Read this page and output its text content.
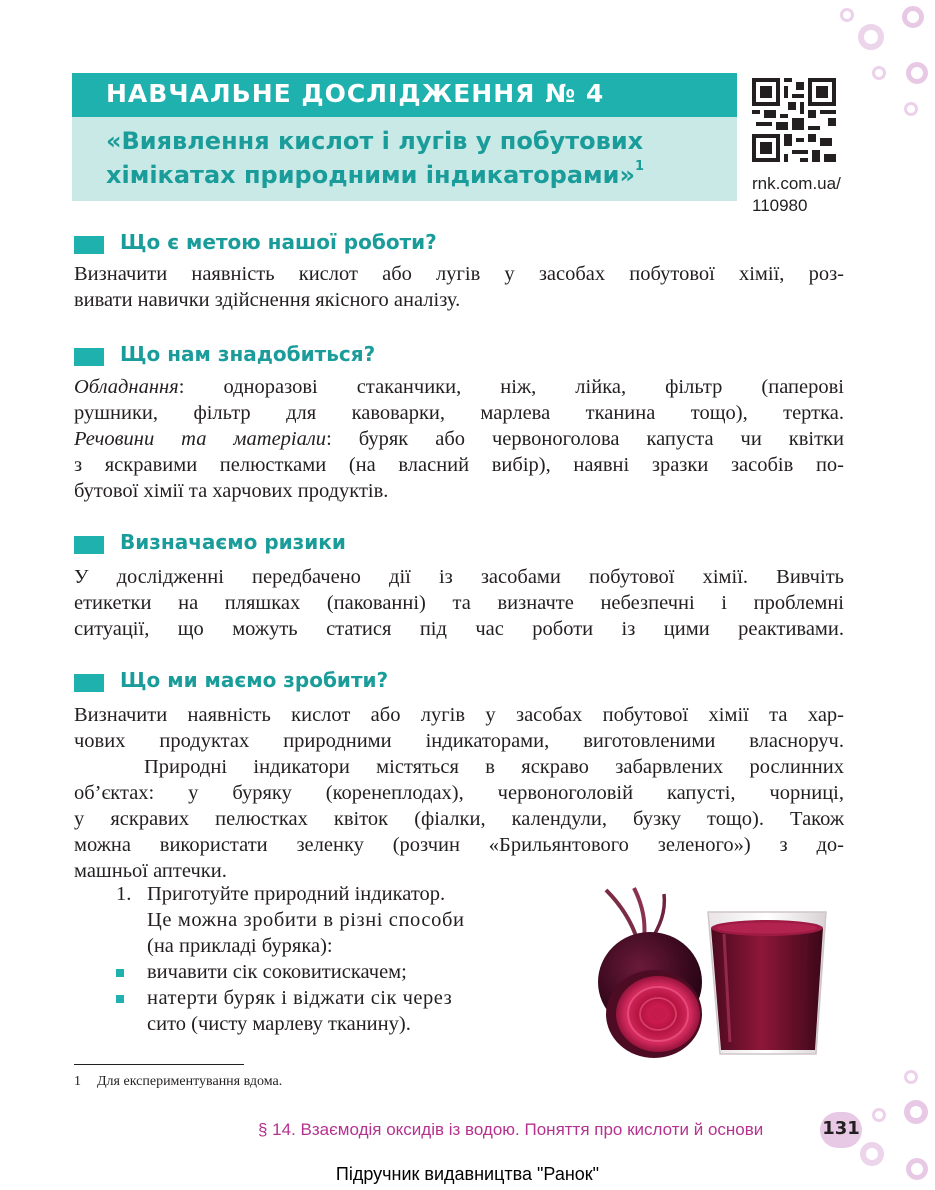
НАВЧАЛЬНЕ ДОСЛІДЖЕННЯ № 4
«Виявлення кислот і лугів у побутових
хімікатах природними індикаторами»$^1$
rnk.com.ua/
110980
Що є метою нашої роботи?
Визначити наявність кислот або лугів у засобах побутової хімії, роз-
вивати навички здійснення якісного аналізу.
Що нам знадобиться?
Обладнання: одноразові стаканчики, ніж, лійка, фільтр (паперові
рушники, фільтр для кавоварки, марлева тканина тощо), тертка.
Речовини та матеріали: буряк або червоноголова капуста чи квітки
з яскравими пелюстками (на власний вибір), наявні зразки засобів по-
бутової хімії та харчових продуктів.
Визначаємо ризики
У дослідженні передбачено дії із засобами побутової хімії. Вивчіть
етикетки на пляшках (пакованні) та визначте небезпечні і проблемні
ситуації, що можуть статися під час роботи із цими реактивами.
Що ми маємо зробити?
Визначити наявність кислот або лугів у засобах побутової хімії та хар-
чових продуктах природними індикаторами, виготовленими власноруч.
Природні індикатори містяться в яскраво забарвлених рослинних
об’єктах: у буряку (коренеплодах), червоноголовій капусті, чорниці,
у яскравих пелюстках квіток (фіалки, календули, бузку тощо). Також
можна використати зеленку (розчин «Брильянтового зеленого») з до-
машньої аптечки.
1. Приготуйте природний індикатор.
Це можна зробити в різні способи
(на прикладі буряка):
вичавити сік соковитискачем;
натерти буряк і віджати сік через
сито (чисту марлеву тканину).
1 Для експериментування вдома.
§ 14. Взаємодія оксидів із водою. Поняття про кислоти й основи	131
Підручник видавництва "Ранок"
